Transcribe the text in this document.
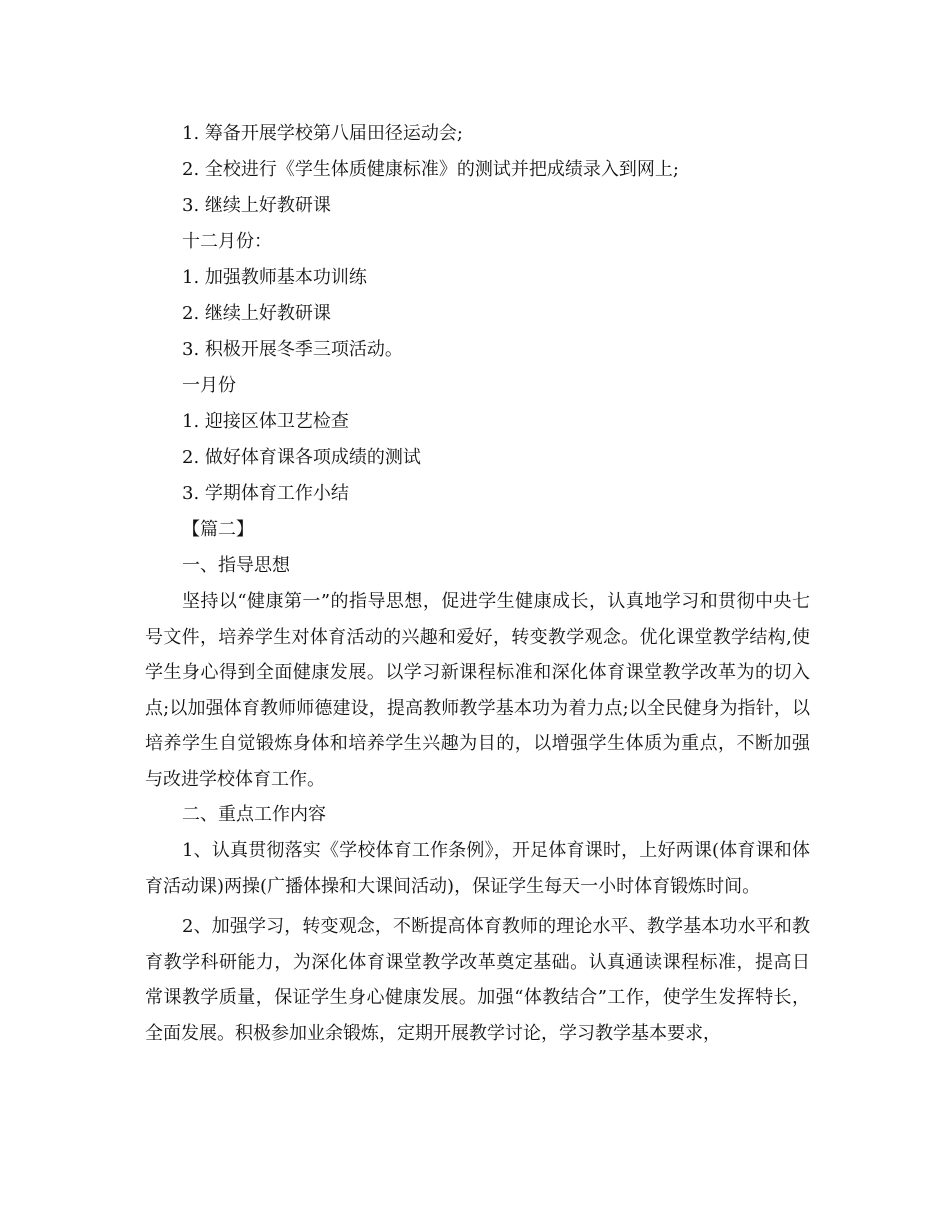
1. 筹备开展学校第八届田径运动会;
2. 全校进行《学生体质健康标准》的测试并把成绩录入到网上;
3. 继续上好教研课
十二月份：
1. 加强教师基本功训练
2. 继续上好教研课
3. 积极开展冬季三项活动。
一月份
1. 迎接区体卫艺检查
2. 做好体育课各项成绩的测试
3. 学期体育工作小结
【篇二】
一、指导思想

坚持以“健康第一”的指导思想，促进学生健康成长，认真地学习和贯彻中央七号文件，培养学生对体育活动的兴趣和爱好，转变教学观念。优化课堂教学结构,使学生身心得到全面健康发展。以学习新课程标准和深化体育课堂教学改革为的切入点;以加强体育教师师德建设，提高教师教学基本功为着力点;以全民健身为指针，以培养学生自觉锻炼身体和培养学生兴趣为目的，以增强学生体质为重点，不断加强与改进学校体育工作。

二、重点工作内容

1、认真贯彻落实《学校体育工作条例》，开足体育课时，上好两课(体育课和体育活动课)两操(广播体操和大课间活动)，保证学生每天一小时体育锻炼时间。

2、加强学习，转变观念，不断提高体育教师的理论水平、教学基本功水平和教育教学科研能力，为深化体育课堂教学改革奠定基础。认真通读课程标准，提高日常课教学质量，保证学生身心健康发展。加强“体教结合”工作，使学生发挥特长，全面发展。积极参加业余锻炼，定期开展教学讨论，学习教学基本要求，
